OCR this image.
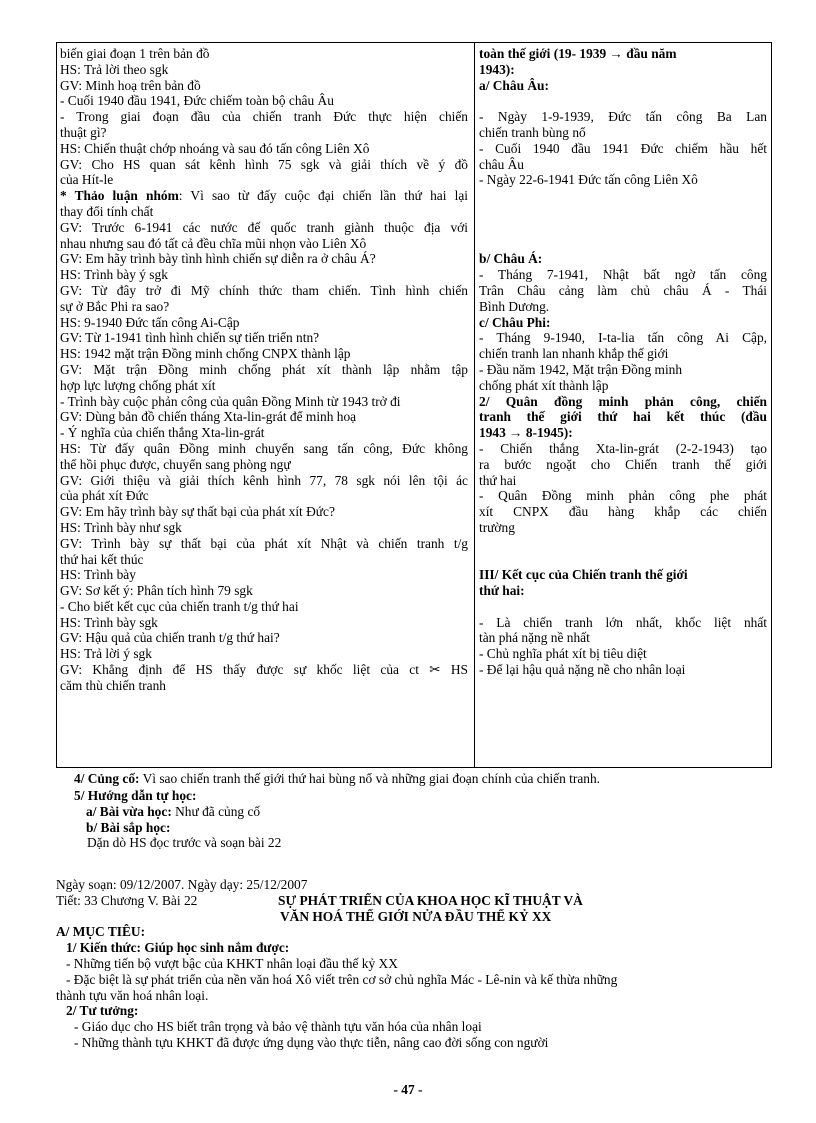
biến giai đoạn 1 trên bản đồ
HS: Trả lời theo sgk
GV: Minh hoạ trên bản đồ
- Cuối 1940 đầu 1941, Đức chiếm toàn bộ châu Âu
- Trong giai đoạn đầu của chiến tranh Đức thực hiện chiến
thuật gì?
HS: Chiến thuật chớp nhoáng và sau đó tấn công Liên Xô
GV: Cho HS quan sát kênh hình 75 sgk và giải thích về ý đồ
của Hít-le
* Thảo luận nhóm: Vì sao từ đấy cuộc đại chiến lần thứ hai lại
thay đổi tính chất
GV: Trước 6-1941 các nước đế quốc tranh giành thuộc địa với
nhau nhưng sau đó tất cả đều chĩa mũi nhọn vào Liên Xô
GV: Em hãy trình bày tình hình chiến sự diễn ra ở châu Á?
HS: Trình bày ý sgk
GV: Từ đây trở đi Mỹ chính thức tham chiến. Tình hình chiến
sự ở Bắc Phi ra sao?
HS: 9-1940 Đức tấn công Ai-Cập
GV: Từ 1-1941 tình hình chiến sự tiến triển ntn?
HS: 1942 mặt trận Đồng minh chống CNPX thành lập
GV: Mặt trận Đồng minh chống phát xít thành lập nhằm tập
hợp lực lượng chống phát xít
- Trình bày cuộc phản công của quân Đồng Minh từ 1943 trở đi
GV: Dùng bản đồ chiến tháng Xta-lin-grát để minh hoạ
- Ý nghĩa của chiến thắng Xta-lin-grát
HS: Từ đấy quân Đồng minh chuyển sang tấn công, Đức không
thể hồi phục được, chuyển sang phòng ngự
GV: Giới thiệu và giải thích kênh hình 77, 78 sgk nói lên tội ác
của phát xít Đức
GV: Em hãy trình bày sự thất bại của phát xít Đức?
HS: Trình bày như sgk
GV: Trình bày sự thất bại của phát xít Nhật và chiến tranh t/g
thứ hai kết thúc
HS: Trình bày
GV: Sơ kết ý: Phân tích hình 79 sgk
- Cho biết kết cục của chiến tranh t/g thứ hai
HS: Trình bày sgk
GV: Hậu quả của chiến tranh t/g thứ hai?
HS: Trả lời ý sgk
GV: Khẳng định để HS thấy được sự khốc liệt của ct ✂ HS
căm thù chiến tranh
toàn thế giới (19- 1939 → đầu năm
1943):
a/ Châu Âu:
- Ngày 1-9-1939, Đức tấn công Ba Lan
chiến tranh bùng nổ
- Cuối 1940 đầu 1941 Đức chiếm hầu hết
châu Âu
- Ngày 22-6-1941 Đức tấn công Liên Xô
b/ Châu Á:
- Tháng 7-1941, Nhật bất ngờ tấn công
Trân Châu cảng làm chủ châu Á - Thái
Bình Dương.
c/ Châu Phi:
- Tháng 9-1940, I-ta-lia tấn công Ai Cập,
chiến tranh lan nhanh khắp thế giới
- Đầu năm 1942, Mặt trận Đồng minh
chống phát xít thành lập
2/ Quân đồng minh phản công, chiến
tranh thế giới thứ hai kết thúc (đầu
1943 → 8-1945):
- Chiến thắng Xta-lin-grát (2-2-1943) tạo
ra bước ngoặt cho Chiến tranh thế giới
thứ hai
- Quân Đồng minh phản công phe phát
xít CNPX đầu hàng khắp các chiến
trường
III/ Kết cục của Chiến tranh thế giới
thứ hai:
- Là chiến tranh lớn nhất, khốc liệt nhất
tàn phá nặng nề nhất
- Chủ nghĩa phát xít bị tiêu diệt
- Để lại hậu quả nặng nề cho nhân loại
4/ Củng cố: Vì sao chiến tranh thế giới thứ hai bùng nổ và những giai đoạn chính của chiến tranh.
5/ Hướng dẫn tự học:
a/ Bài vừa học: Như đã củng cố
b/ Bài sắp học:
Dặn dò HS đọc trước và soạn bài 22
Ngày soạn: 09/12/2007. Ngày dạy: 25/12/2007
Tiết: 33 Chương V. Bài 22	SỰ PHÁT TRIỂN CỦA KHOA HỌC KĨ THUẬT VÀ
VĂN HOÁ THẾ GIỚI NỬA ĐẦU THẾ KỶ XX
A/ MỤC TIÊU:
1/ Kiến thức: Giúp học sinh nắm được:
- Những tiến bộ vượt bậc của KHKT nhân loại đầu thế kỷ XX
- Đặc biệt là sự phát triển của nền văn hoá Xô viết trên cơ sở chủ nghĩa Mác - Lê-nin và kế thừa những
thành tựu văn hoá nhân loại.
2/ Tư tưởng:
- Giáo dục cho HS biết trân trọng và bảo vệ thành tựu văn hóa của nhân loại
- Những thành tựu KHKT đã được ứng dụng vào thực tiễn, nâng cao đời sống con người
- 47 -
